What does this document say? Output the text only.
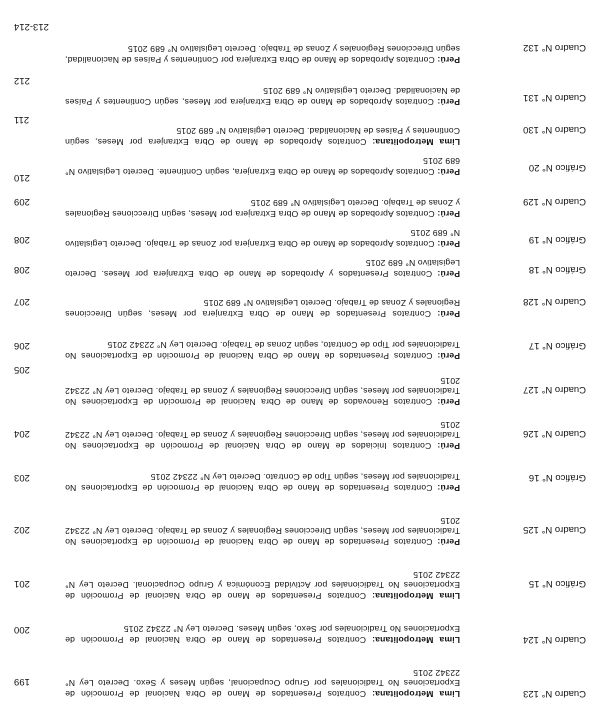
Cuadro N° 123
Lima Metropolitana: Contratos Presentados de Mano de Obra Nacional de Promoción de Exportaciones No Tradicionales por Grupo Ocupacional, según Meses y Sexo. Decreto Ley N° 22342 2015
199
Cuadro N° 124
Lima Metropolitana: Contratos Presentados de Mano de Obra Nacional de Promoción de Exportaciones No Tradicionales por Sexo, según Meses. Decreto Ley N° 22342 2015
200
Gráfico N° 15
Lima Metropolitana: Contratos Presentados de Mano de Obra Nacional de Promoción de Exportaciones No Tradicionales por Actividad Económica y Grupo Ocupacional. Decreto Ley N° 22342 2015
201
Cuadro N° 125
Perú: Contratos Presentados de Mano de Obra Nacional de Promoción de Exportaciones No Tradicionales por Meses, según Direcciones Regionales y Zonas de Trabajo. Decreto Ley N° 22342 2015
202
Gráfico N° 16
Perú: Contratos Presentados de Mano de Obra Nacional de Promoción de Exportaciones No Tradicionales por Meses, según Tipo de Contrato. Decreto Ley N° 22342 2015
203
Cuadro N° 126
Perú: Contratos Iniciados de Mano de Obra Nacional de Promoción de Exportaciones No Tradicionales por Meses, según Direcciones Regionales y Zonas de Trabajo. Decreto Ley N° 22342 2015
204
Cuadro N° 127
Perú: Contratos Renovados de Mano de Obra Nacional de Promoción de Exportaciones No Tradicionales por Meses, según Direcciones Regionales y Zonas de Trabajo. Decreto Ley N° 22342 2015
205
Gráfico N° 17
Perú: Contratos Presentados de Mano de Obra Nacional de Promoción de Exportaciones No Tradicionales por Tipo de Contrato, según Zonas de Trabajo. Decreto Ley N° 22342 2015
206
Cuadro N° 128
Perú: Contratos Presentados de Mano de Obra Extranjera por Meses, según Direcciones Regionales y Zonas de Trabajo. Decreto Legislativo N° 689 2015
207
Gráfico N° 18
Perú: Contratos Presentados y Aprobados de Mano de Obra Extranjera por Meses. Decreto Legislativo N° 689 2015
208
Gráfico N° 19
Perú: Contratos Aprobados de Mano de Obra Extranjera por Zonas de Trabajo. Decreto Legislativo N° 689 2015
208
Cuadro N° 129
Perú: Contratos Aprobados de Mano de Obra Extranjera por Meses, según Direcciones Regionales y Zonas de Trabajo. Decreto Legislativo N° 689 2015
209
Gráfico N° 20
Perú: Contratos Aprobados de Mano de Obra Extranjera, según Continente. Decreto Legislativo N° 689 2015
210
Cuadro N° 130
Lima Metropolitana: Contratos Aprobados de Mano de Obra Extranjera por Meses, según Continentes y Países de Nacionalidad. Decreto Legislativo N° 689 2015
211
Cuadro N° 131
Perú: Contratos Aprobados de Mano de Obra Extranjera por Meses, según Continentes y Países de Nacionalidad. Decreto Legislativo N° 689 2015
212
Cuadro N° 132
Perú: Contratos Aprobados de Mano de Obra Extranjera por Continentes y Países de Nacionalidad, según Direcciones Regionales y Zonas de Trabajo. Decreto Legislativo N° 689 2015
213-214
